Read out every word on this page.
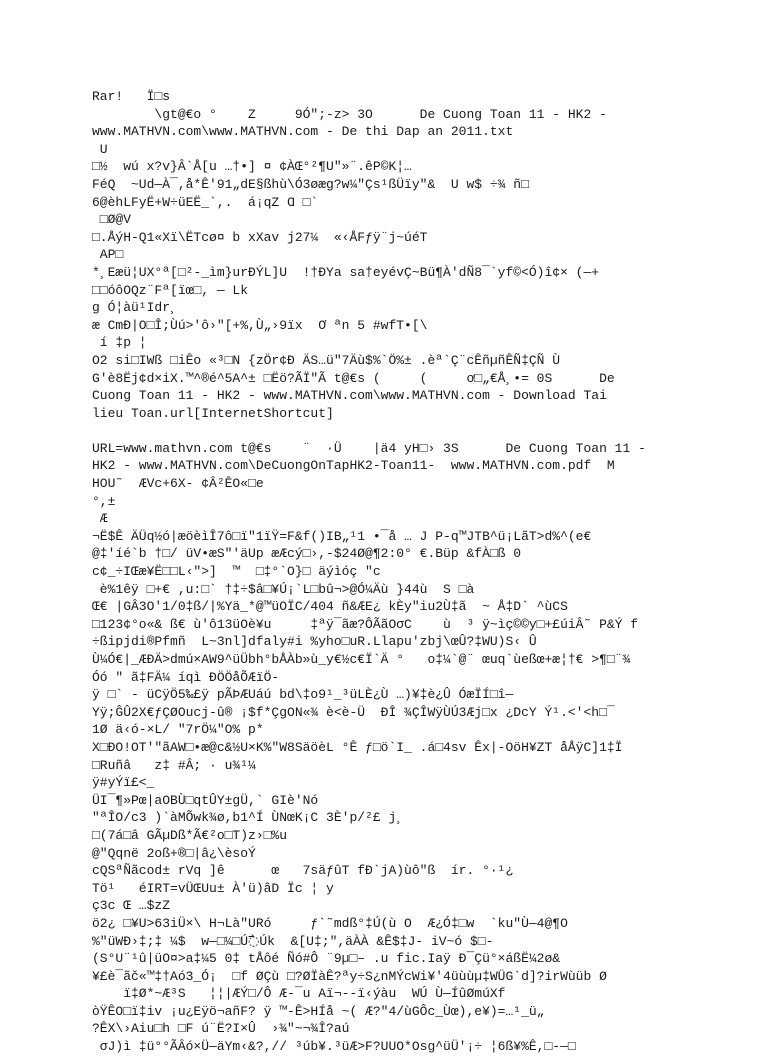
Rar!   Ï□s
\gt@€o °    Z     9Ó″;-z> 3O      De Cuong Toan 11 - HK2 -
www.MATHVN.com\www.MATHVN.com - De thi Dap an 2011.txt
U
□½  wú x?v}Â`Å[u …†•] ¤ ¢ÀŒ°²¶U″»¨.êP©K¦…
FéQ  ~Ud—À¯,å*Ê'91„dE§ßhù\Ó3øæg?w¼"Çs¹ßÜïy"&  U w$ ÷¾ ñ□
6@èhLFyË+W÷üEË_`,.  á¡qZ Ɑ □`
□Ø@V
□.ÅýH-Q1«Xï\ËTcø¤ b xXav j27¼  «‹ÅFƒÿ¨j~úéT
AP□
*¸Eæü¦UX°ª[□²-_ìm}urÐÝL]U  !†ÐYa sa†eyévÇ~Bü¶À'dÑ8¯`yf©<Ó)î¢× (—+
□□óôOQz¨Fª[ïœ□, — Lk
g Ó¦àü¹Idr¸
æ CmÐ|O□Î;Ùú>'ô›″[+%,Ù„›9ïx  Ơ ªn 5 #wfT•[\
í ‡p ¦
O2 si□IWß □iÊo «³□N {zÖr¢Ð ÄS…ü″7Äù$%`Ö%± .èª`Ç¨cÊñµñÊÑ‡ÇÑ Ù
G'è8Ëj¢d×iX.™^®é^5A^± □Ëö?ÃÏ″Ã t@€s (     (     ơ□„€Å¸•= 0S      De
Cuong Toan 11 - HK2 - www.MATHVN.com\www.MATHVN.com - Download Tai
lieu Toan.url[InternetShortcut]
URL=www.mathvn.com t@€s    ¨  ·Ü    |ä4 yH□› 3S      De Cuong Toan 11 -
HK2 - www.MATHVN.com\DeCuongOnTapHK2-Toan11-  www.MATHVN.com.pdf  M
HOU˜  ÆVc+6X- ¢Â²ÊO«□e
°,±
Æ
¬Ë$Ê ÄÜq½ó|æöèìÎ7ô□ï″1ïŸ=F&f()IB„¹1 •¯å … J P-q™JTB^ü¡LãT>d%^(e€
@‡'íé`b †□/ üV•æS"'äUp æÆcý□›,-$24Ø@¶2:0° €.Büp &fÀ□ß 0
c¢_÷IŒæ¥Ë□□L‹">]  ™  □‡°`O}□ äýìóç "c
è%1êÿ □+€ ,u:□` †‡÷$â□¥Ú¡`L□bû¬>@Ó¼Äù }44ù  S □à
Œ€ |GÂ3O'1/0‡ß/|%Yä_*@™üOÏC/404 ñ&ÆE¿ kÈy"iu2Ù‡ã  ~ Å‡D` ^ùCS
□123¢°o«& ß€ ù'ô13üOè¥u     ‡ªÿ¯ãæ?ÔÃãOσC    ù  ³ ÿ~ìç©©y□+£úiÂ˜ P&Ý f
÷ßipjdi®Pfmñ  L~3nl]dfaly#i %yho□uR.Llapu'zbj\œÛ?‡WU)S‹ Û
Ù¼Ó€|_ÆÐÄ>dmú×AW9^üÜbh°bÅÀb»ù_y€½c€Ï`Ä °   o‡¼`@¨ œuq`ùeßœ+æ¦†€ >¶□¨¾
Óó " ã‡FÄ¼ íqì ÐÖÖåÕÆïÖ-
ÿ □` - üCÿÖ5‰£ÿ pÃÞÆUáú bd\‡o9¹_³üLÈ¿Ù …)¥‡è¿Û ÓæÏÍ□î—
Yÿ;ĜÛ2X€ƒÇØOucj-û® ¡$f*ÇgON«¾ è<è-Ü  ÐÎ ¾ÇÎWÿÙÚ3Æj□x ¿DcY Ý¹.<'<h□¯
1Ø ä‹ó-×L/ "7rÖ¼"O% p*
X□ÐO!OT'″ãAW□•æ@c&½U×K%"W8SäöèL °Ê ƒ□ö`I_ .á□4sv Êx|-OöH¥ZT åÅÿC]1‡Ï
□Ruñâ   z‡ #Â; · u¾¹¼
ÿ#yÝï£<_
ÜI¯¶»Pœ|aOBÙ□qtÛY±gÜ,` GIè'Nó
"ªÎO/c3 )`àMÕwk¾ø,b1^Í ÙNœK¡C 3È'p/²£ j¸
□(7á□â GÃµDß*Ã€²o□T)z›□%u
@"Qqnë 2oß+®□|â¿\èsoÝ
cQSªÑãcod± rVq ]ê      œ   7säƒûT fÐ`jA)ùô"ß  ír. °·¹¿
Tö¹   éIRT=vÜŒUu± À'ü)âD Ïc ¦ y
ç3c Œ …$zZ
ö2¿ □¥U>63iÜ×\ H¬Là"URó     ƒ`˜mdß°‡Ú(ù O  Æ¿Ó‡□w  `ku"Ù—4@¶O
%"üWÐ›‡;‡ ¼$  w—□¼□Ú߯Úk  &[U‡;",äÀÀ &Ê$‡J- iV~ó $□-
(S°U¨¹û|üO¤>a‡¼5 0‡ tÅôé Ñó#Ô ¨9µ□– .u fic.Iaÿ Ð¯Çü°×áßË¼2ø&
¥£è¯ãč«™‡†Aó3_Ó¡  □f ØÇù □?ØÏàÊ?ªy÷S¿nMÝcWi¥'4üùùµ‡WÜG`d]?irWùüb Ø
ï‡Ø*~Æ³S   ¦¦|ÆÝ□/Ô Æ-¯u Aï¬--ï‹ýàu  WÚ Ù—ÍûØmúXf
òŸÊO□ï‡iv ¡u¿Eÿö¬añF? ÿ ™-Ê>HÍå ~( Æ?"4/ùGÔc_Ùœ),e¥)=…¹_ü„
?ÊX\›Aiu□h □F ú¨Ë?I×Û  ›¾"~¬¾Î?aú
σJ)ì ‡ü°°ÃÂó×Ü—äYm‹&?,// ³úb¥.³üÆ>F?UUO*Osg^üÜ'¡÷ ¦6ß¥%Ê,□-—□
